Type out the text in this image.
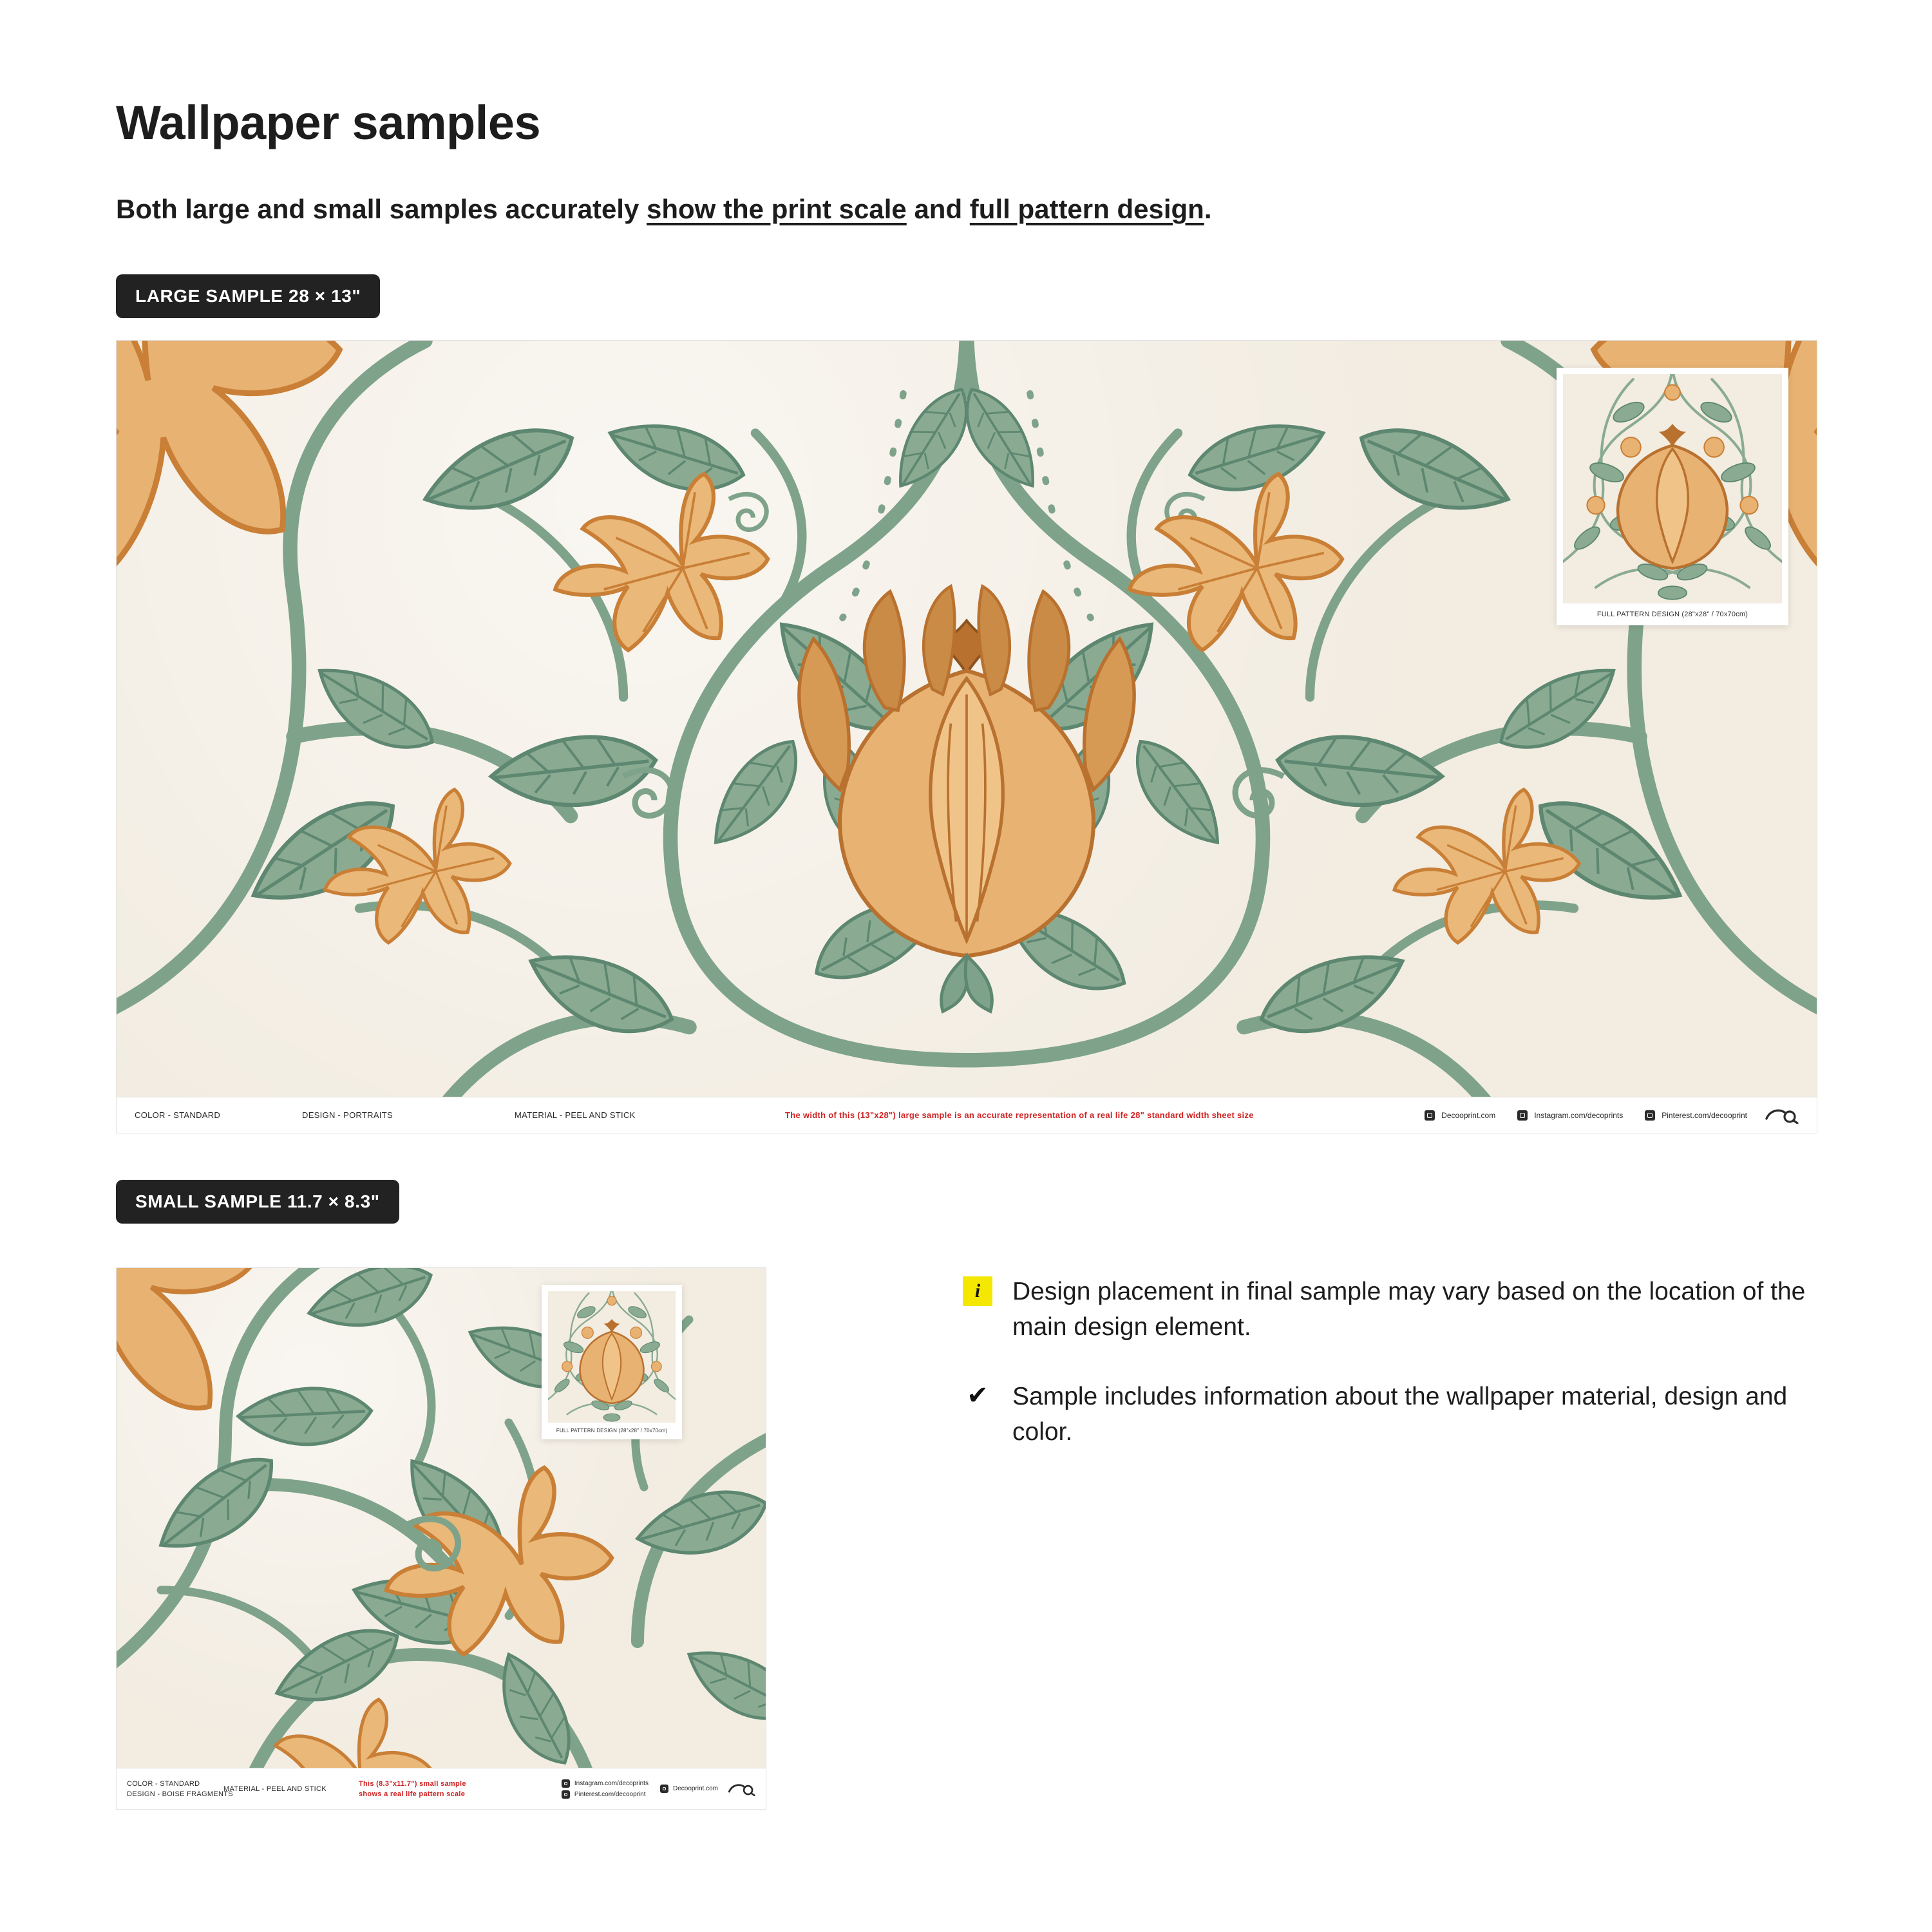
Wallpaper samples
Both large and small samples accurately show the print scale and full pattern design.
LARGE SAMPLE 28 × 13"
FULL PATTERN DESIGN (28"x28" / 70x70cm)
COLOR - STANDARD	DESIGN - PORTRAITS	MATERIAL - PEEL AND STICK	The width of this (13"x28") large sample is an accurate representation of a real life 28" standard width sheet size	Decooprint.com	Instagram.com/decoprints	Pinterest.com/decooprint
SMALL SAMPLE 11.7 × 8.3"
FULL PATTERN DESIGN (28"x28" / 70x70cm)
COLOR - STANDARD
DESIGN - BOISE FRAGMENTS
MATERIAL - PEEL AND STICK
This (8.3"x11.7") small sample
shows a real life pattern scale
Instagram.com/decoprints
Pinterest.com/decooprint
Decooprint.com
i	Design placement in final sample may vary based on the location of the main design element.
✔ Sample includes information about the wallpaper material, design and color.
